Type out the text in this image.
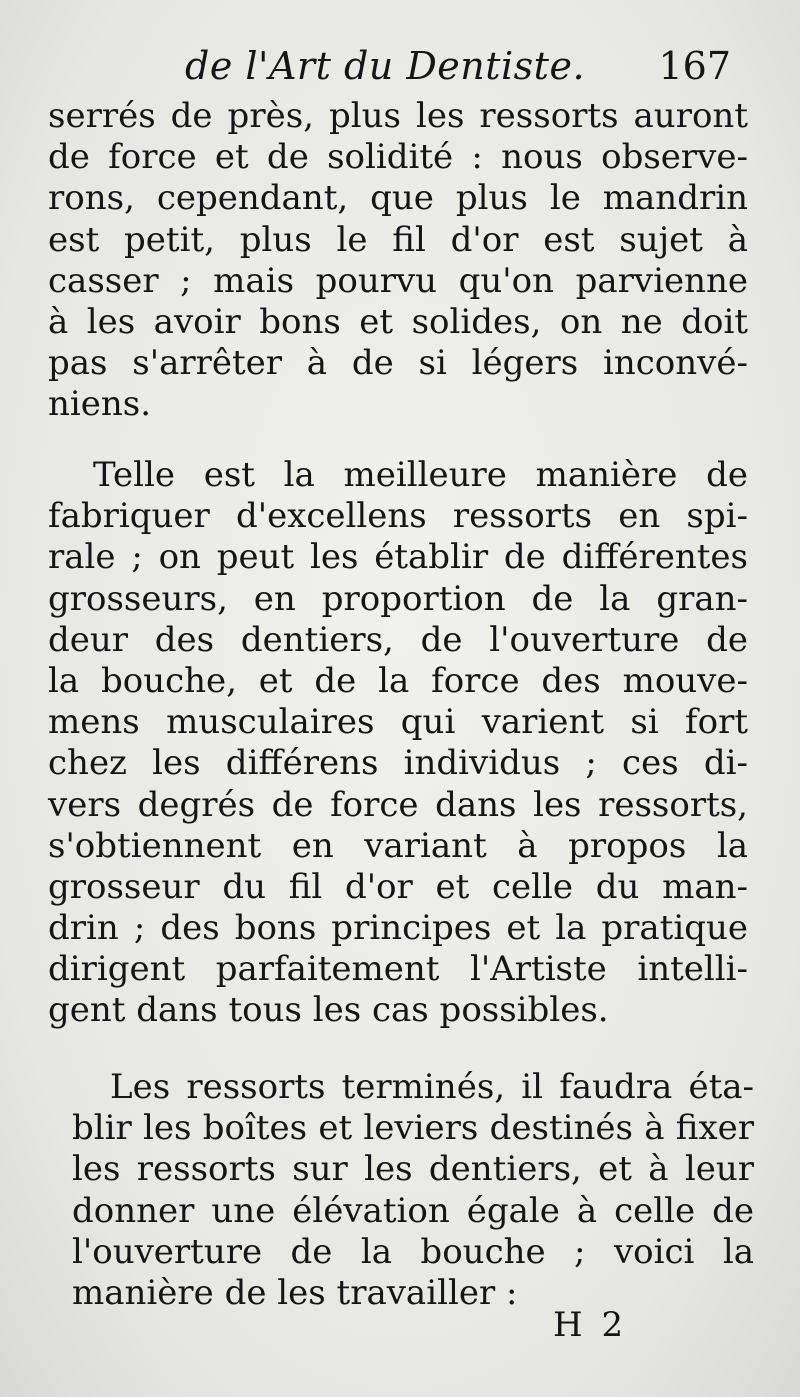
de l'Art du Dentiste. 167
serrés de près, plus les ressorts auront
de force et de solidité : nous observe-
rons, cependant, que plus le mandrin
est petit, plus le fil d'or est sujet à
casser ; mais pourvu qu'on parvienne
à les avoir bons et solides, on ne doit
pas s'arrêter à de si légers inconvé-
niens.
Telle est la meilleure manière de
fabriquer d'excellens ressorts en spi-
rale ; on peut les établir de différentes
grosseurs, en proportion de la gran-
deur des dentiers, de l'ouverture de
la bouche, et de la force des mouve-
mens musculaires qui varient si fort
chez les différens individus ; ces di-
vers degrés de force dans les ressorts,
s'obtiennent en variant à propos la
grosseur du fil d'or et celle du man-
drin ; des bons principes et la pratique
dirigent parfaitement l'Artiste intelli-
gent dans tous les cas possibles.
Les ressorts terminés, il faudra éta-
blir les boîtes et leviers destinés à fixer
les ressorts sur les dentiers, et à leur
donner une élévation égale à celle de
l'ouverture de la bouche ; voici la
manière de les travailler :
H 2
